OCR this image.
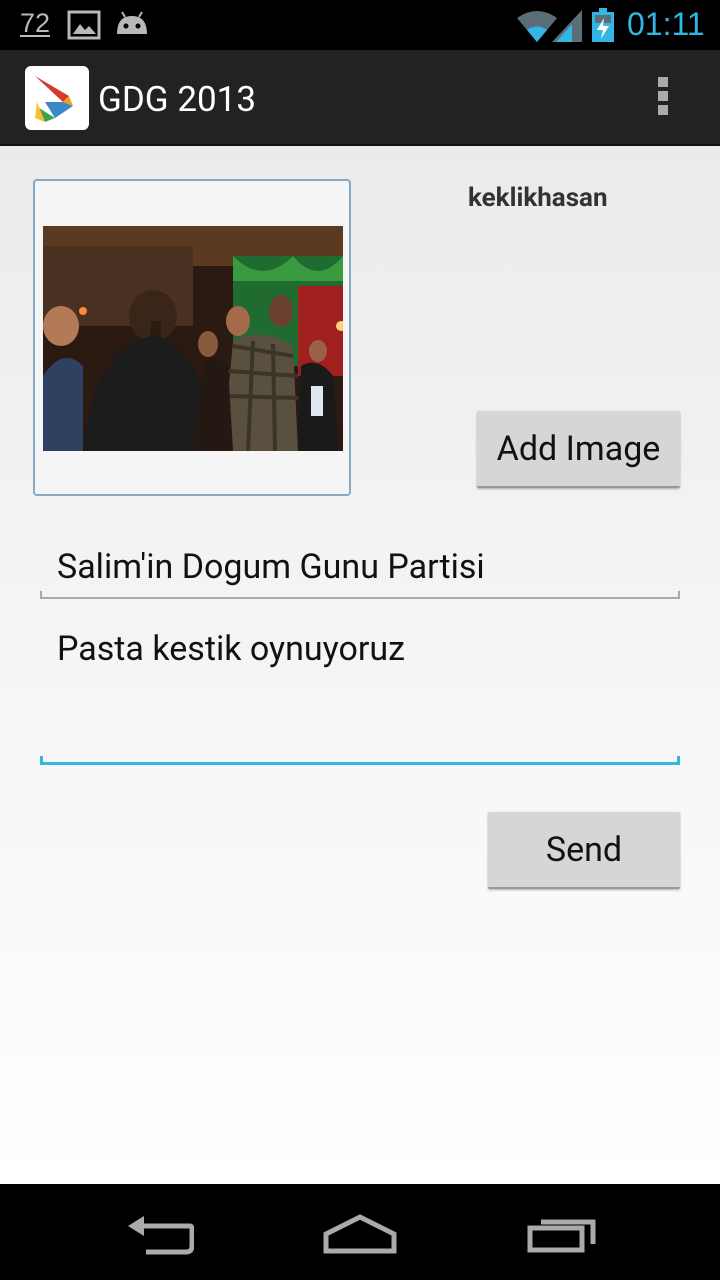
72	01:11
GDG 2013
keklikhasan
Add Image
Salim'in Dogum Gunu Partisi
Pasta kestik oynuyoruz
Send
